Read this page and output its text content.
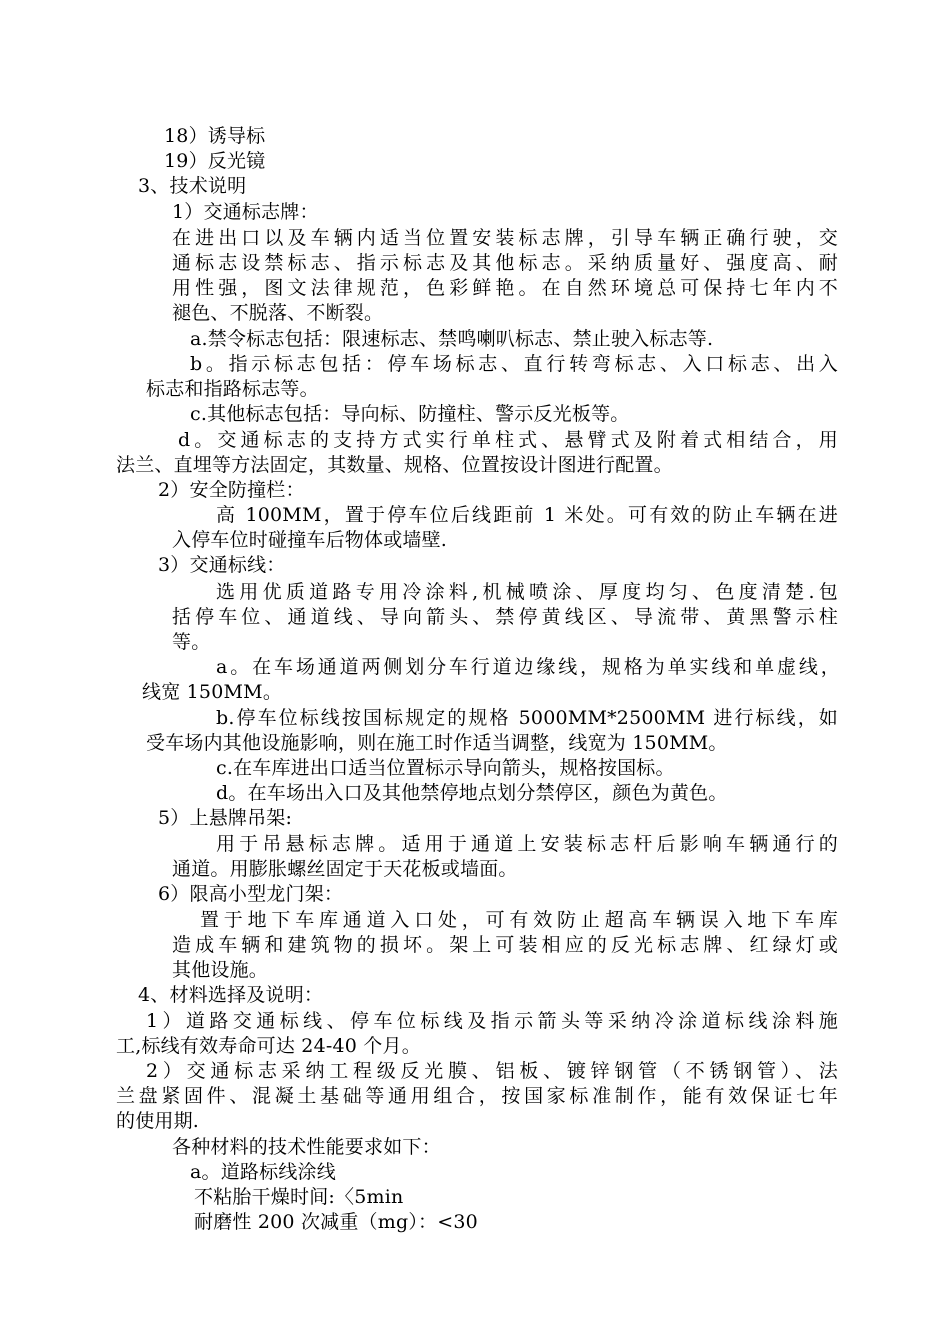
18）诱导标
19）反光镜
3、技术说明
1）交通标志牌：
在进出口以及车辆内适当位置安装标志牌，引导车辆正确行驶，交
通标志设禁标志、指示标志及其他标志。采纳质量好、强度高、耐
用性强，图文法律规范，色彩鲜艳。在自然环境总可保持七年内不
褪色、不脱落、不断裂。
a.禁令标志包括：限速标志、禁鸣喇叭标志、禁止驶入标志等.
b。指示标志包括：停车场标志、直行转弯标志、入口标志、出入
标志和指路标志等。
c.其他标志包括：导向标、防撞柱、警示反光板等。
d。交通标志的支持方式实行单柱式、悬臂式及附着式相结合，用
法兰、直埋等方法固定，其数量、规格、位置按设计图进行配置。
2）安全防撞栏：
高 100MM，置于停车位后线距前 1 米处。可有效的防止车辆在进
入停车位时碰撞车后物体或墙壁.
3）交通标线：
选用优质道路专用冷涂料,机械喷涂、厚度均匀、色度清楚.包
括停车位、通道线、导向箭头、禁停黄线区、导流带、黄黑警示柱
等。
a。在车场通道两侧划分车行道边缘线，规格为单实线和单虚线，
线宽 150MM。
b.停车位标线按国标规定的规格 5000MM*2500MM 进行标线，如
受车场内其他设施影响，则在施工时作适当调整，线宽为 150MM。
c.在车库进出口适当位置标示导向箭头，规格按国标。
d。在车场出入口及其他禁停地点划分禁停区，颜色为黄色。
5）上悬牌吊架:
用于吊悬标志牌。适用于通道上安装标志杆后影响车辆通行的
通道。用膨胀螺丝固定于天花板或墙面。
6）限高小型龙门架：
置于地下车库通道入口处，可有效防止超高车辆误入地下车库
造成车辆和建筑物的损坏。架上可装相应的反光标志牌、红绿灯或
其他设施。
4、材料选择及说明：
1）道路交通标线、停车位标线及指示箭头等采纳冷涂道标线涂料施
工,标线有效寿命可达 24-40 个月。
2）交通标志采纳工程级反光膜、铝板、镀锌钢管（不锈钢管）、法
兰盘紧固件、混凝土基础等通用组合，按国家标准制作，能有效保证七年
的使用期.
各种材料的技术性能要求如下：
a。道路标线涂线
不粘胎干燥时间:〈5min
耐磨性 200 次减重（mg）：<30
